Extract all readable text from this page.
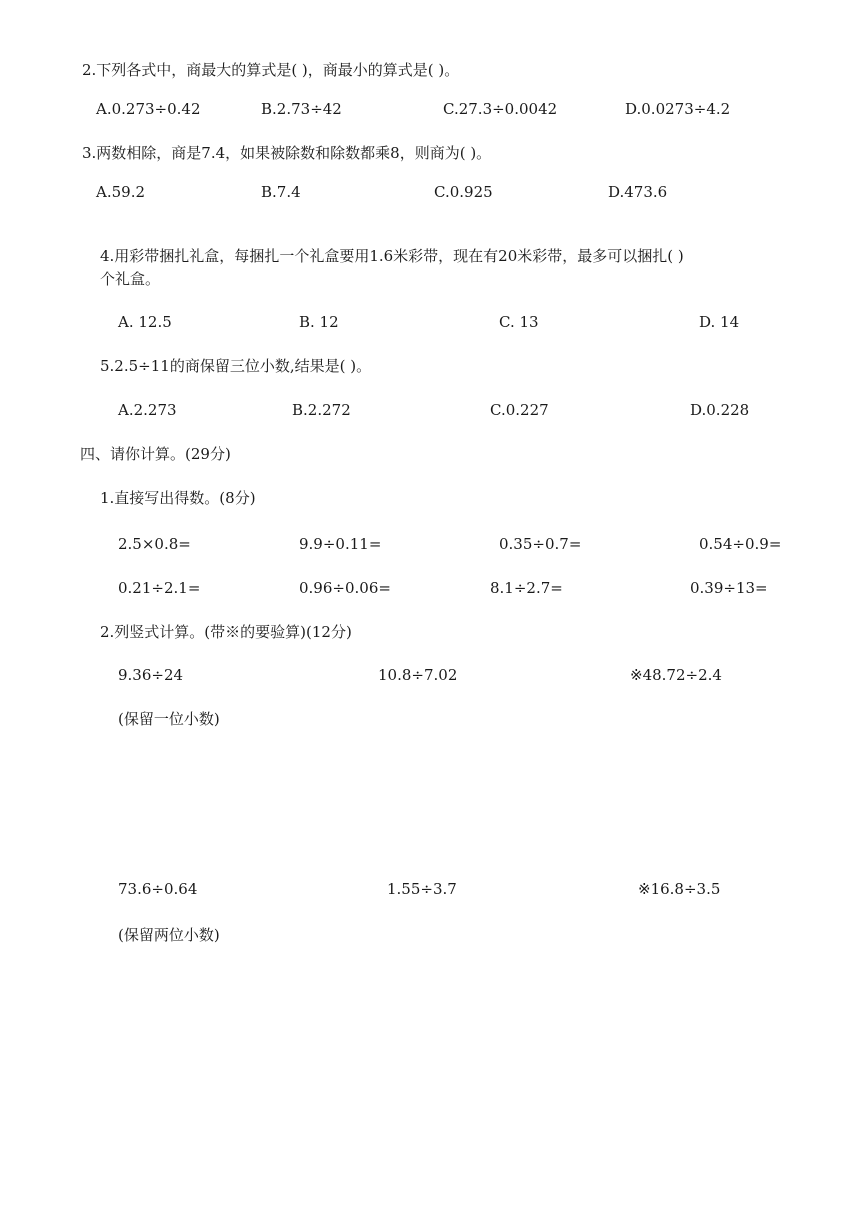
2.下列各式中，商最大的算式是( )，商最小的算式是( )。
A.0.273÷0.42	B.2.73÷42	C.27.3÷0.0042	D.0.0273÷4.2
3.两数相除，商是7.4，如果被除数和除数都乘8，则商为( )。
A.59.2	B.7.4	C.0.925	D.473.6
4.用彩带捆扎礼盒，每捆扎一个礼盒要用1.6米彩带，现在有20米彩带，最多可以捆扎( )
个礼盒。
A. 12.5	B. 12	C. 13	D. 14
5.2.5÷11的商保留三位小数,结果是( )。
A.2.273	B.2.272	C.0.227	D.0.228
四、请你计算。(29分)
1.直接写出得数。(8分)
2.5×0.8=	9.9÷0.11=	0.35÷0.7=	0.54÷0.9=
0.21÷2.1=	0.96÷0.06=	8.1÷2.7=	0.39÷13=
2.列竖式计算。(带※的要验算)(12分)
9.36÷24	10.8÷7.02	※48.72÷2.4
(保留一位小数)
73.6÷0.64	1.55÷3.7	※16.8÷3.5
(保留两位小数)
